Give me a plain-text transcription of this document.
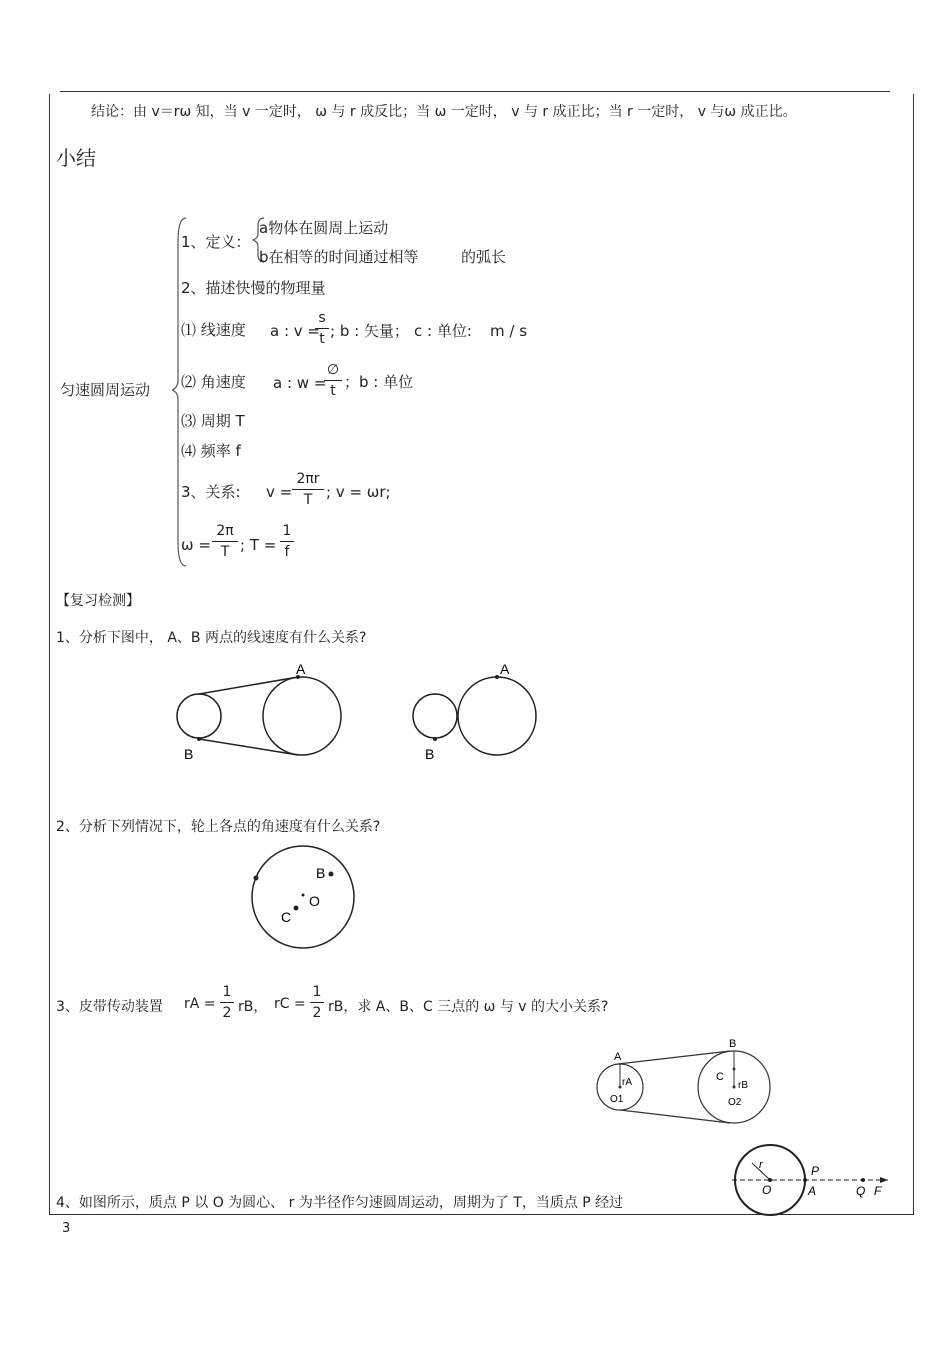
结论：由 v＝rω 知，当 v 一定时， ω 与 r 成反比；当 ω 一定时， v 与 r 成正比；当 r 一定时， v 与ω 成正比。
小结
匀速圆周运动
1、定义：
a物体在圆周上运动
b在相等的时间通过相等	的弧长
2、描述快慢的物理量
⑴ 线速度 a : v =
s
t ; b : 矢量； c : 单位: m / s
⑵ 角速度 a : w =
∅
t ；b : 单位
⑶ 周期 T
⑷ 频率 f
3、关系: v =
2πr
T ; v = ωr;
ω =
2π
T ; T =
1
f
【复习检测】
1、分析下图中， A、B 两点的线速度有什么关系?
A
B
A
B
2、分析下列情况下，轮上各点的角速度有什么关系?
B
O
C
3、皮带传动装置 rA =
1
2 rB， rC =
1
2 rB，求 A、B、C 三点的 ω 与 v 的大小关系?
A
B
C
rA	rB
O1	O2
4、如图所示，质点 P 以 O 为圆心、 r 为半径作匀速圆周运动，周期为了 T，当质点 P 经过
r
O
P
A	Q F
3
